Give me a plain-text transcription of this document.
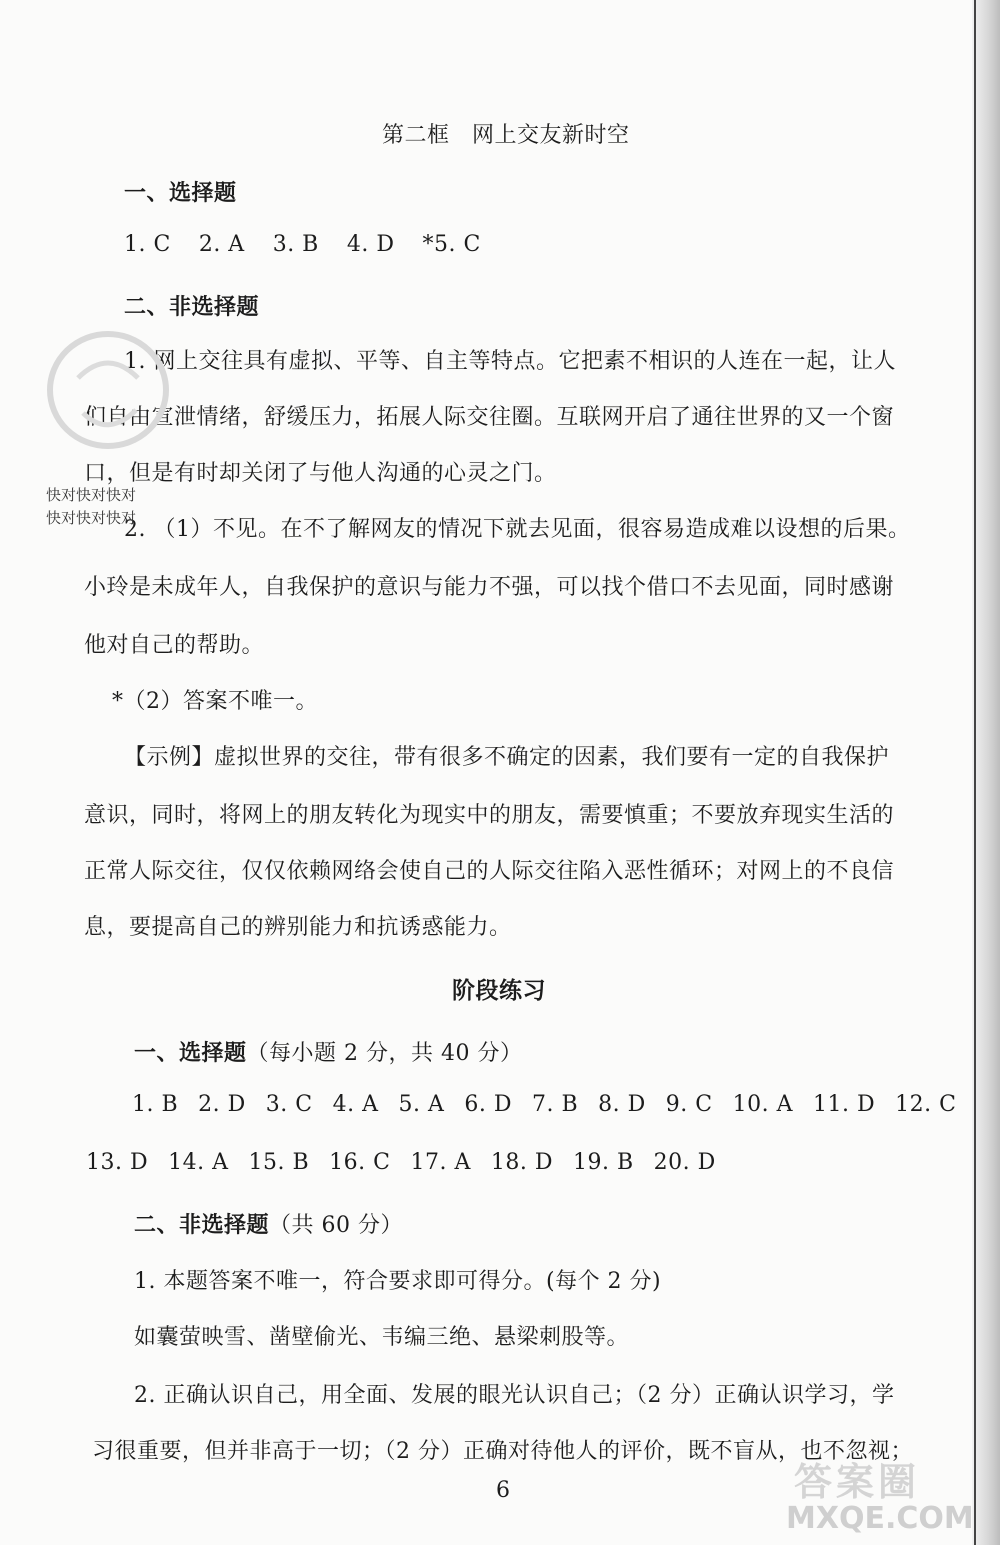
第二框　网上交友新时空
一、选择题
1. C 2. A 3. B 4. D *5. C
二、非选择题
1. 网上交往具有虚拟、平等、自主等特点。它把素不相识的人连在一起，让人
们自由宣泄情绪，舒缓压力，拓展人际交往圈。互联网开启了通往世界的又一个窗
口，但是有时却关闭了与他人沟通的心灵之门。
2. （1）不见。在不了解网友的情况下就去见面，很容易造成难以设想的后果。
小玲是未成年人，自我保护的意识与能力不强，可以找个借口不去见面，同时感谢
他对自己的帮助。
*（2）答案不唯一。
【示例】虚拟世界的交往，带有很多不确定的因素，我们要有一定的自我保护
意识，同时，将网上的朋友转化为现实中的朋友，需要慎重；不要放弃现实生活的
正常人际交往，仅仅依赖网络会使自己的人际交往陷入恶性循环；对网上的不良信
息，要提高自己的辨别能力和抗诱惑能力。
阶段练习
一、选择题（每小题 2 分，共 40 分）
1. B 2. D 3. C 4. A 5. A 6. D 7. B 8. D 9. C 10. A 11. D 12. C
13. D 14. A 15. B 16. C 17. A 18. D 19. B 20. D
二、非选择题（共 60 分）
1. 本题答案不唯一，符合要求即可得分。(每个 2 分)
如囊萤映雪、凿壁偷光、韦编三绝、悬梁刺股等。
2. 正确认识自己，用全面、发展的眼光认识自己；（2 分）正确认识学习，学
习很重要，但并非高于一切；（2 分）正确对待他人的评价，既不盲从，也不忽视；
6
快对快对快对
快对快对快对
答案圈
MXQE.COM
